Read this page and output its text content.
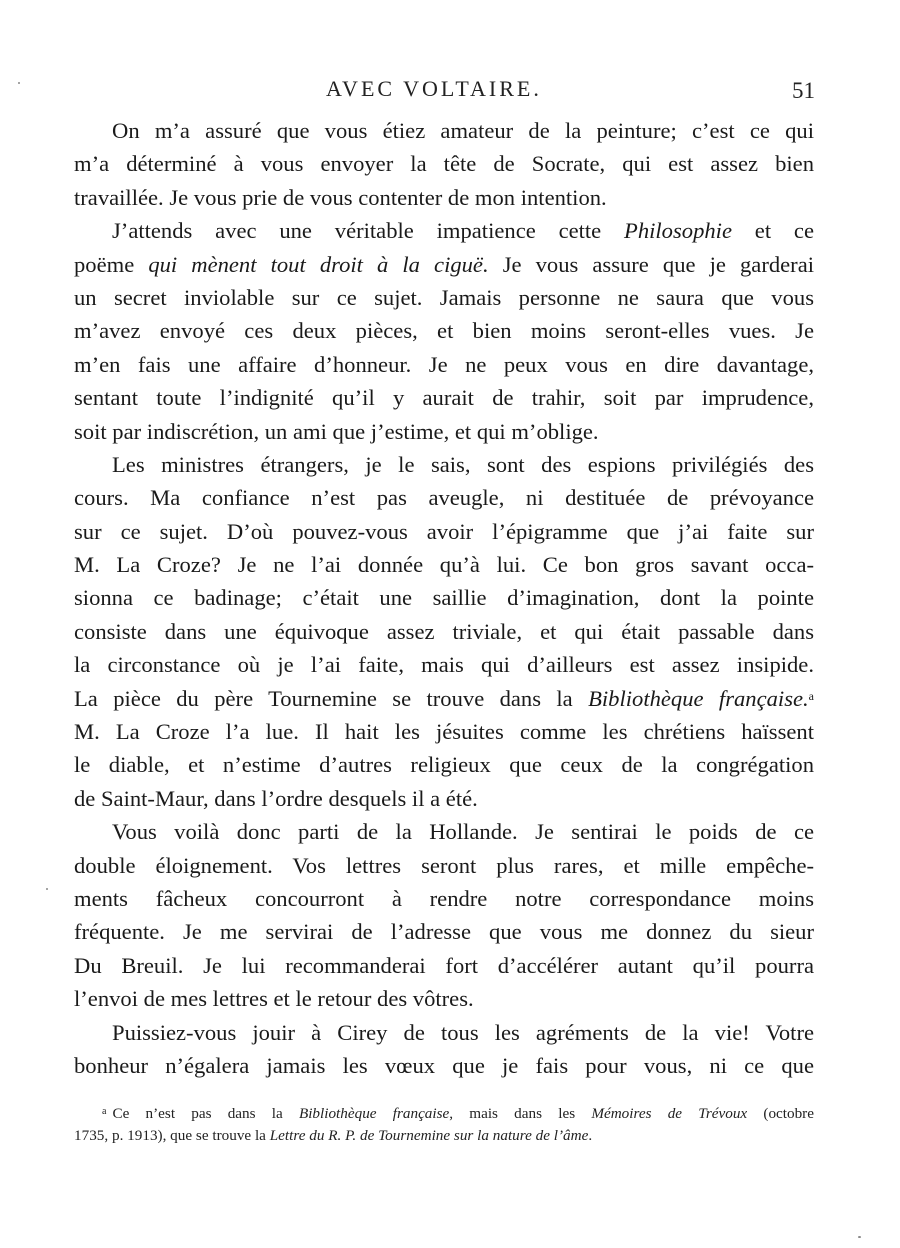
AVEC VOLTAIRE.	51
On m’a assuré que vous étiez amateur de la peinture; c’est ce qui
m’a déterminé à vous envoyer la tête de Socrate, qui est assez bien
travaillée. Je vous prie de vous contenter de mon intention.
J’attends avec une véritable impatience cette Philosophie et ce
poëme qui mènent tout droit à la ciguë. Je vous assure que je garderai
un secret inviolable sur ce sujet. Jamais personne ne saura que vous
m’avez envoyé ces deux pièces, et bien moins seront-elles vues. Je
m’en fais une affaire d’honneur. Je ne peux vous en dire davantage,
sentant toute l’indignité qu’il y aurait de trahir, soit par imprudence,
soit par indiscrétion, un ami que j’estime, et qui m’oblige.
Les ministres étrangers, je le sais, sont des espions privilégiés des
cours. Ma confiance n’est pas aveugle, ni destituée de prévoyance
sur ce sujet. D’où pouvez-vous avoir l’épigramme que j’ai faite sur
M. La Croze? Je ne l’ai donnée qu’à lui. Ce bon gros savant occa-
sionna ce badinage; c’était une saillie d’imagination, dont la pointe
consiste dans une équivoque assez triviale, et qui était passable dans
la circonstance où je l’ai faite, mais qui d’ailleurs est assez insipide.
La pièce du père Tournemine se trouve dans la Bibliothèque française.$^a$
M. La Croze l’a lue. Il hait les jésuites comme les chrétiens haïssent
le diable, et n’estime d’autres religieux que ceux de la congrégation
de Saint-Maur, dans l’ordre desquels il a été.
Vous voilà donc parti de la Hollande. Je sentirai le poids de ce
double éloignement. Vos lettres seront plus rares, et mille empêche-
ments fâcheux concourront à rendre notre correspondance moins
fréquente. Je me servirai de l’adresse que vous me donnez du sieur
Du Breuil. Je lui recommanderai fort d’accélérer autant qu’il pourra
l’envoi de mes lettres et le retour des vôtres.
Puissiez-vous jouir à Cirey de tous les agréments de la vie! Votre
bonheur n’égalera jamais les vœux que je fais pour vous, ni ce que
$^a$ Ce n’est pas dans la Bibliothèque française, mais dans les Mémoires de Trévoux (octobre
1735, p. 1913), que se trouve la Lettre du R. P. de Tournemine sur la nature de l’âme.
